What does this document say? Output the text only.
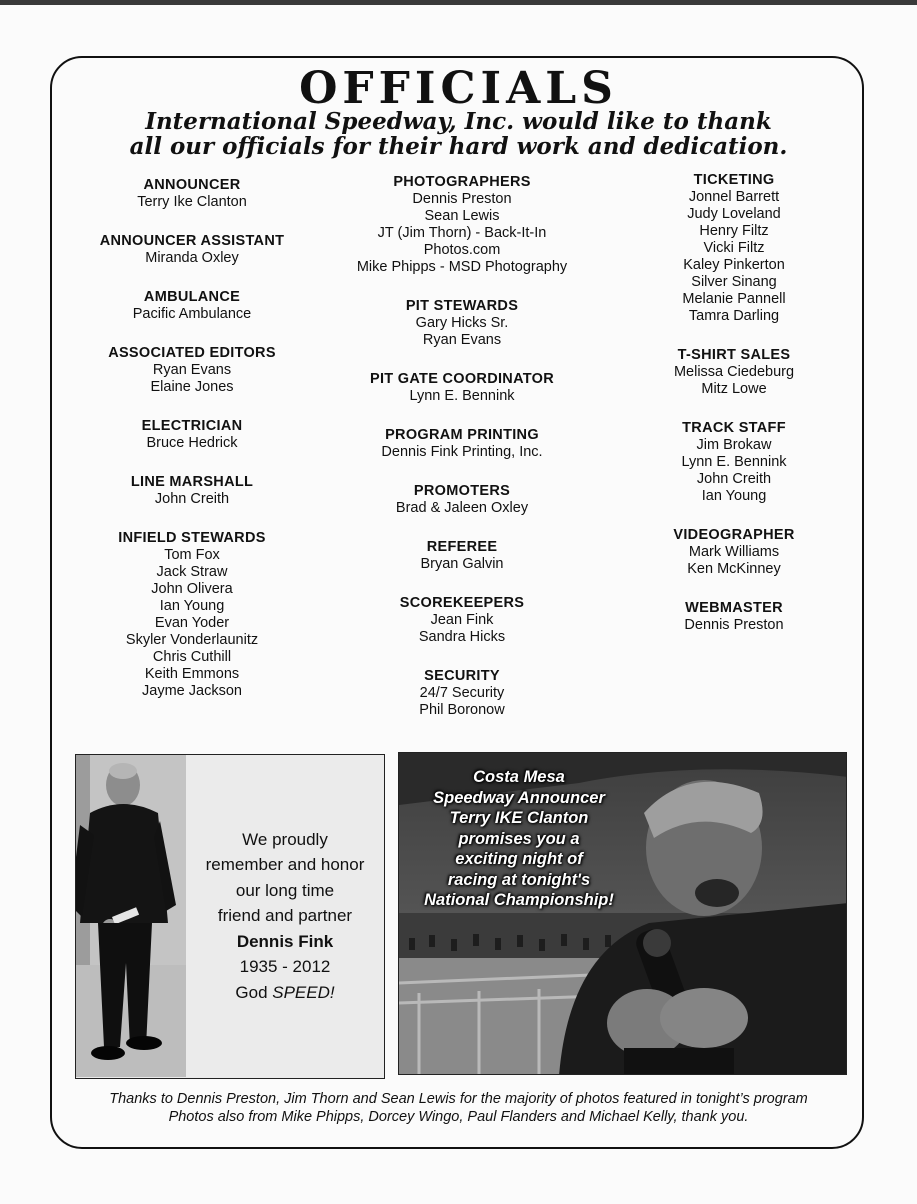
OFFICIALS
International Speedway, Inc. would like to thank
all our officials for their hard work and dedication.
ANNOUNCER
Terry Ike Clanton
ANNOUNCER ASSISTANT
Miranda Oxley
AMBULANCE
Pacific Ambulance
ASSOCIATED EDITORS
Ryan Evans
Elaine Jones
ELECTRICIAN
Bruce Hedrick
LINE MARSHALL
John Creith
INFIELD STEWARDS
Tom Fox
Jack Straw
John Olivera
Ian Young
Evan Yoder
Skyler Vonderlaunitz
Chris Cuthill
Keith Emmons
Jayme Jackson
PHOTOGRAPHERS
Dennis Preston
Sean Lewis
JT (Jim Thorn) - Back-It-In
Photos.com
Mike Phipps - MSD Photography
PIT STEWARDS
Gary Hicks Sr.
Ryan Evans
PIT GATE COORDINATOR
Lynn E. Bennink
PROGRAM PRINTING
Dennis Fink Printing, Inc.
PROMOTERS
Brad & Jaleen Oxley
REFEREE
Bryan Galvin
SCOREKEEPERS
Jean Fink
Sandra Hicks
SECURITY
24/7 Security
Phil Boronow
TICKETING
Jonnel Barrett
Judy Loveland
Henry Filtz
Vicki Filtz
Kaley Pinkerton
Silver Sinang
Melanie Pannell
Tamra Darling
T-SHIRT SALES
Melissa Ciedeburg
Mitz Lowe
TRACK STAFF
Jim Brokaw
Lynn E. Bennink
John Creith
Ian Young
VIDEOGRAPHER
Mark Williams
Ken McKinney
WEBMASTER
Dennis Preston
We proudly
remember and honor
our long time
friend and partner
Dennis Fink
1935 - 2012
God SPEED!
Costa Mesa
Speedway Announcer
Terry IKE Clanton
promises you a
exciting night of
racing at tonight's
National Championship!
Thanks to Dennis Preston, Jim Thorn and Sean Lewis for the majority of photos featured in tonight’s program
Photos also from Mike Phipps, Dorcey Wingo, Paul Flanders and Michael Kelly, thank you.
